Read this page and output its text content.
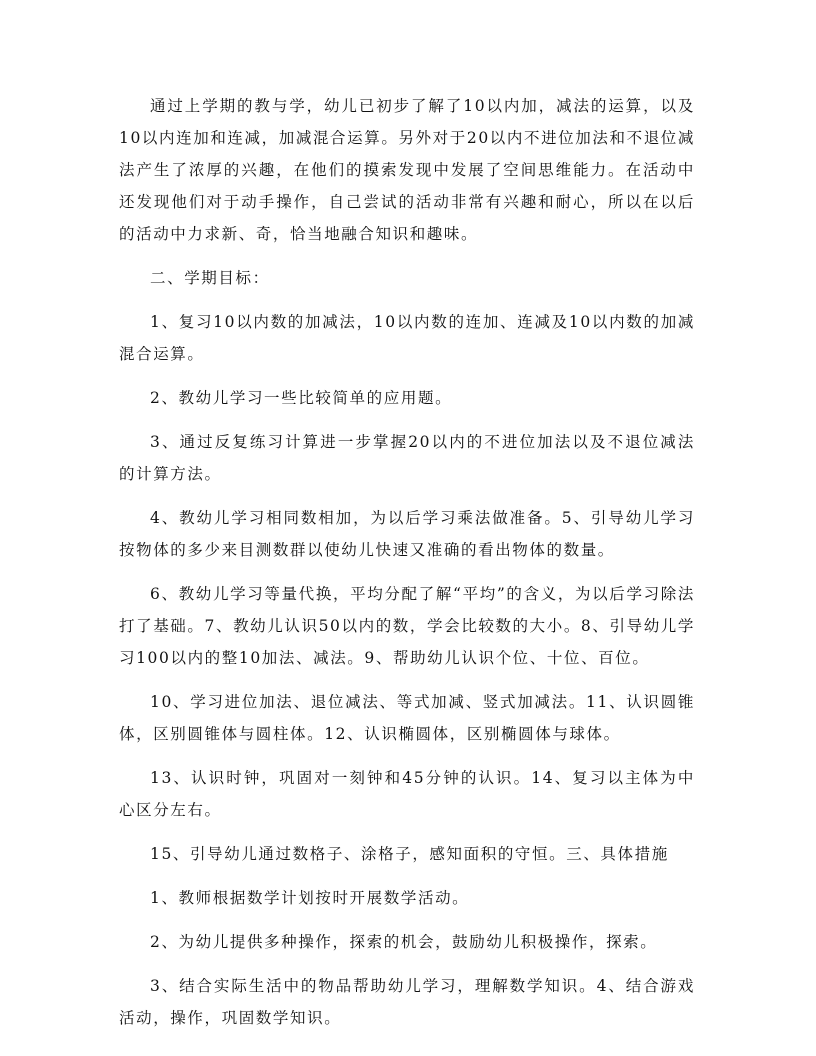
通过上学期的教与学，幼儿已初步了解了10以内加，减法的运算，以及10以内连加和连减，加减混合运算。另外对于20以内不进位加法和不退位减法产生了浓厚的兴趣，在他们的摸索发现中发展了空间思维能力。在活动中还发现他们对于动手操作，自己尝试的活动非常有兴趣和耐心，所以在以后的活动中力求新、奇，恰当地融合知识和趣味。

二、学期目标：

1、复习10以内数的加减法，10以内数的连加、连减及10以内数的加减混合运算。

2、教幼儿学习一些比较简单的应用题。

3、通过反复练习计算进一步掌握20以内的不进位加法以及不退位减法的计算方法。

4、教幼儿学习相同数相加，为以后学习乘法做准备。5、引导幼儿学习按物体的多少来目测数群以使幼儿快速又准确的看出物体的数量。

6、教幼儿学习等量代换，平均分配了解“平均”的含义，为以后学习除法打了基础。7、教幼儿认识50以内的数，学会比较数的大小。8、引导幼儿学习100以内的整10加法、减法。9、帮助幼儿认识个位、十位、百位。

10、学习进位加法、退位减法、等式加减、竖式加减法。11、认识圆锥体，区别圆锥体与圆柱体。12、认识椭圆体，区别椭圆体与球体。

13、认识时钟，巩固对一刻钟和45分钟的认识。14、复习以主体为中心区分左右。

15、引导幼儿通过数格子、涂格子，感知面积的守恒。三、具体措施

1、教师根据数学计划按时开展数学活动。

2、为幼儿提供多种操作，探索的机会，鼓励幼儿积极操作，探索。

3、结合实际生活中的物品帮助幼儿学习，理解数学知识。4、结合游戏活动，操作，巩固数学知识。
